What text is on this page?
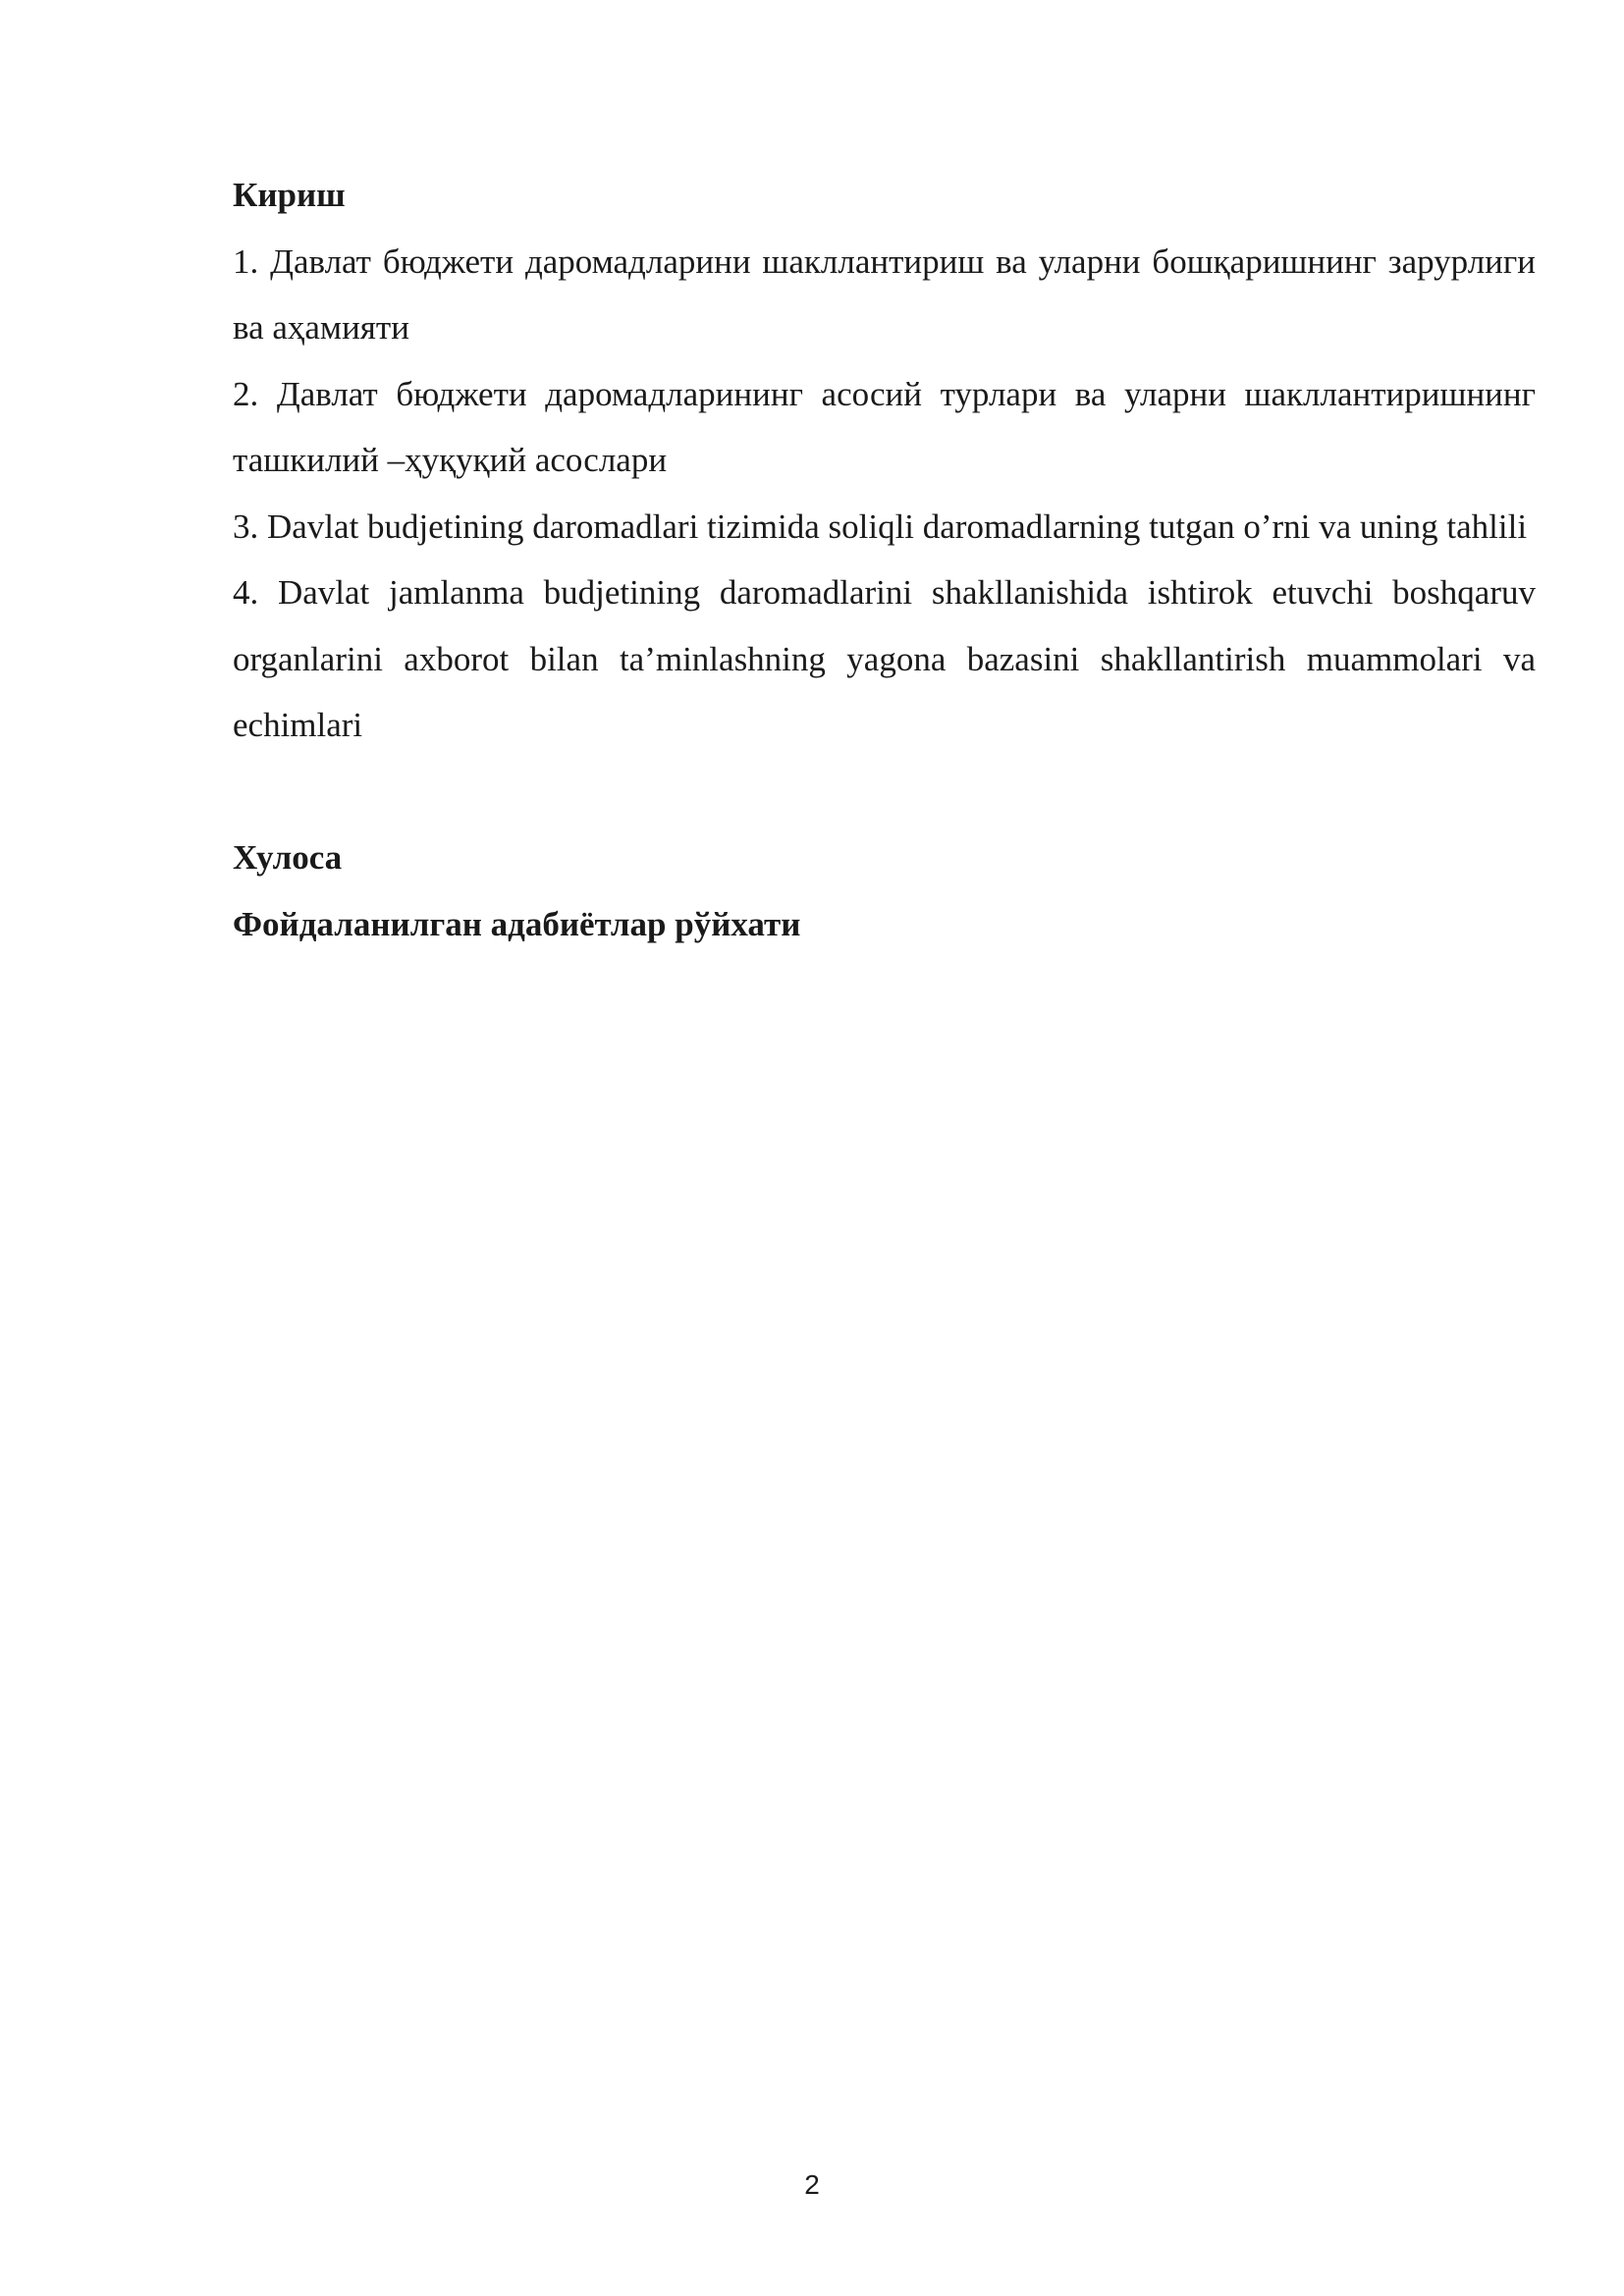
Кириш

1. Давлат бюджети даромадларини шакллантириш ва уларни бошқаришнинг зарурлиги ва аҳамияти

2. Давлат бюджети даромадларининг асосий турлари ва уларни шакллантиришнинг ташкилий –ҳуқуқий асослари

3. Davlat budjetining daromadlari tizimida soliqli daromadlarning tutgan o’rni va uning tahlili

4. Davlat jamlanma budjetining daromadlarini shakllanishida ishtirok etuvchi boshqaruv organlarini axborot bilan ta’minlashning yagona bazasini shakllantirish muammolari va echimlari

Хулоса

Фойдаланилган адабиётлар рўйхати

2
